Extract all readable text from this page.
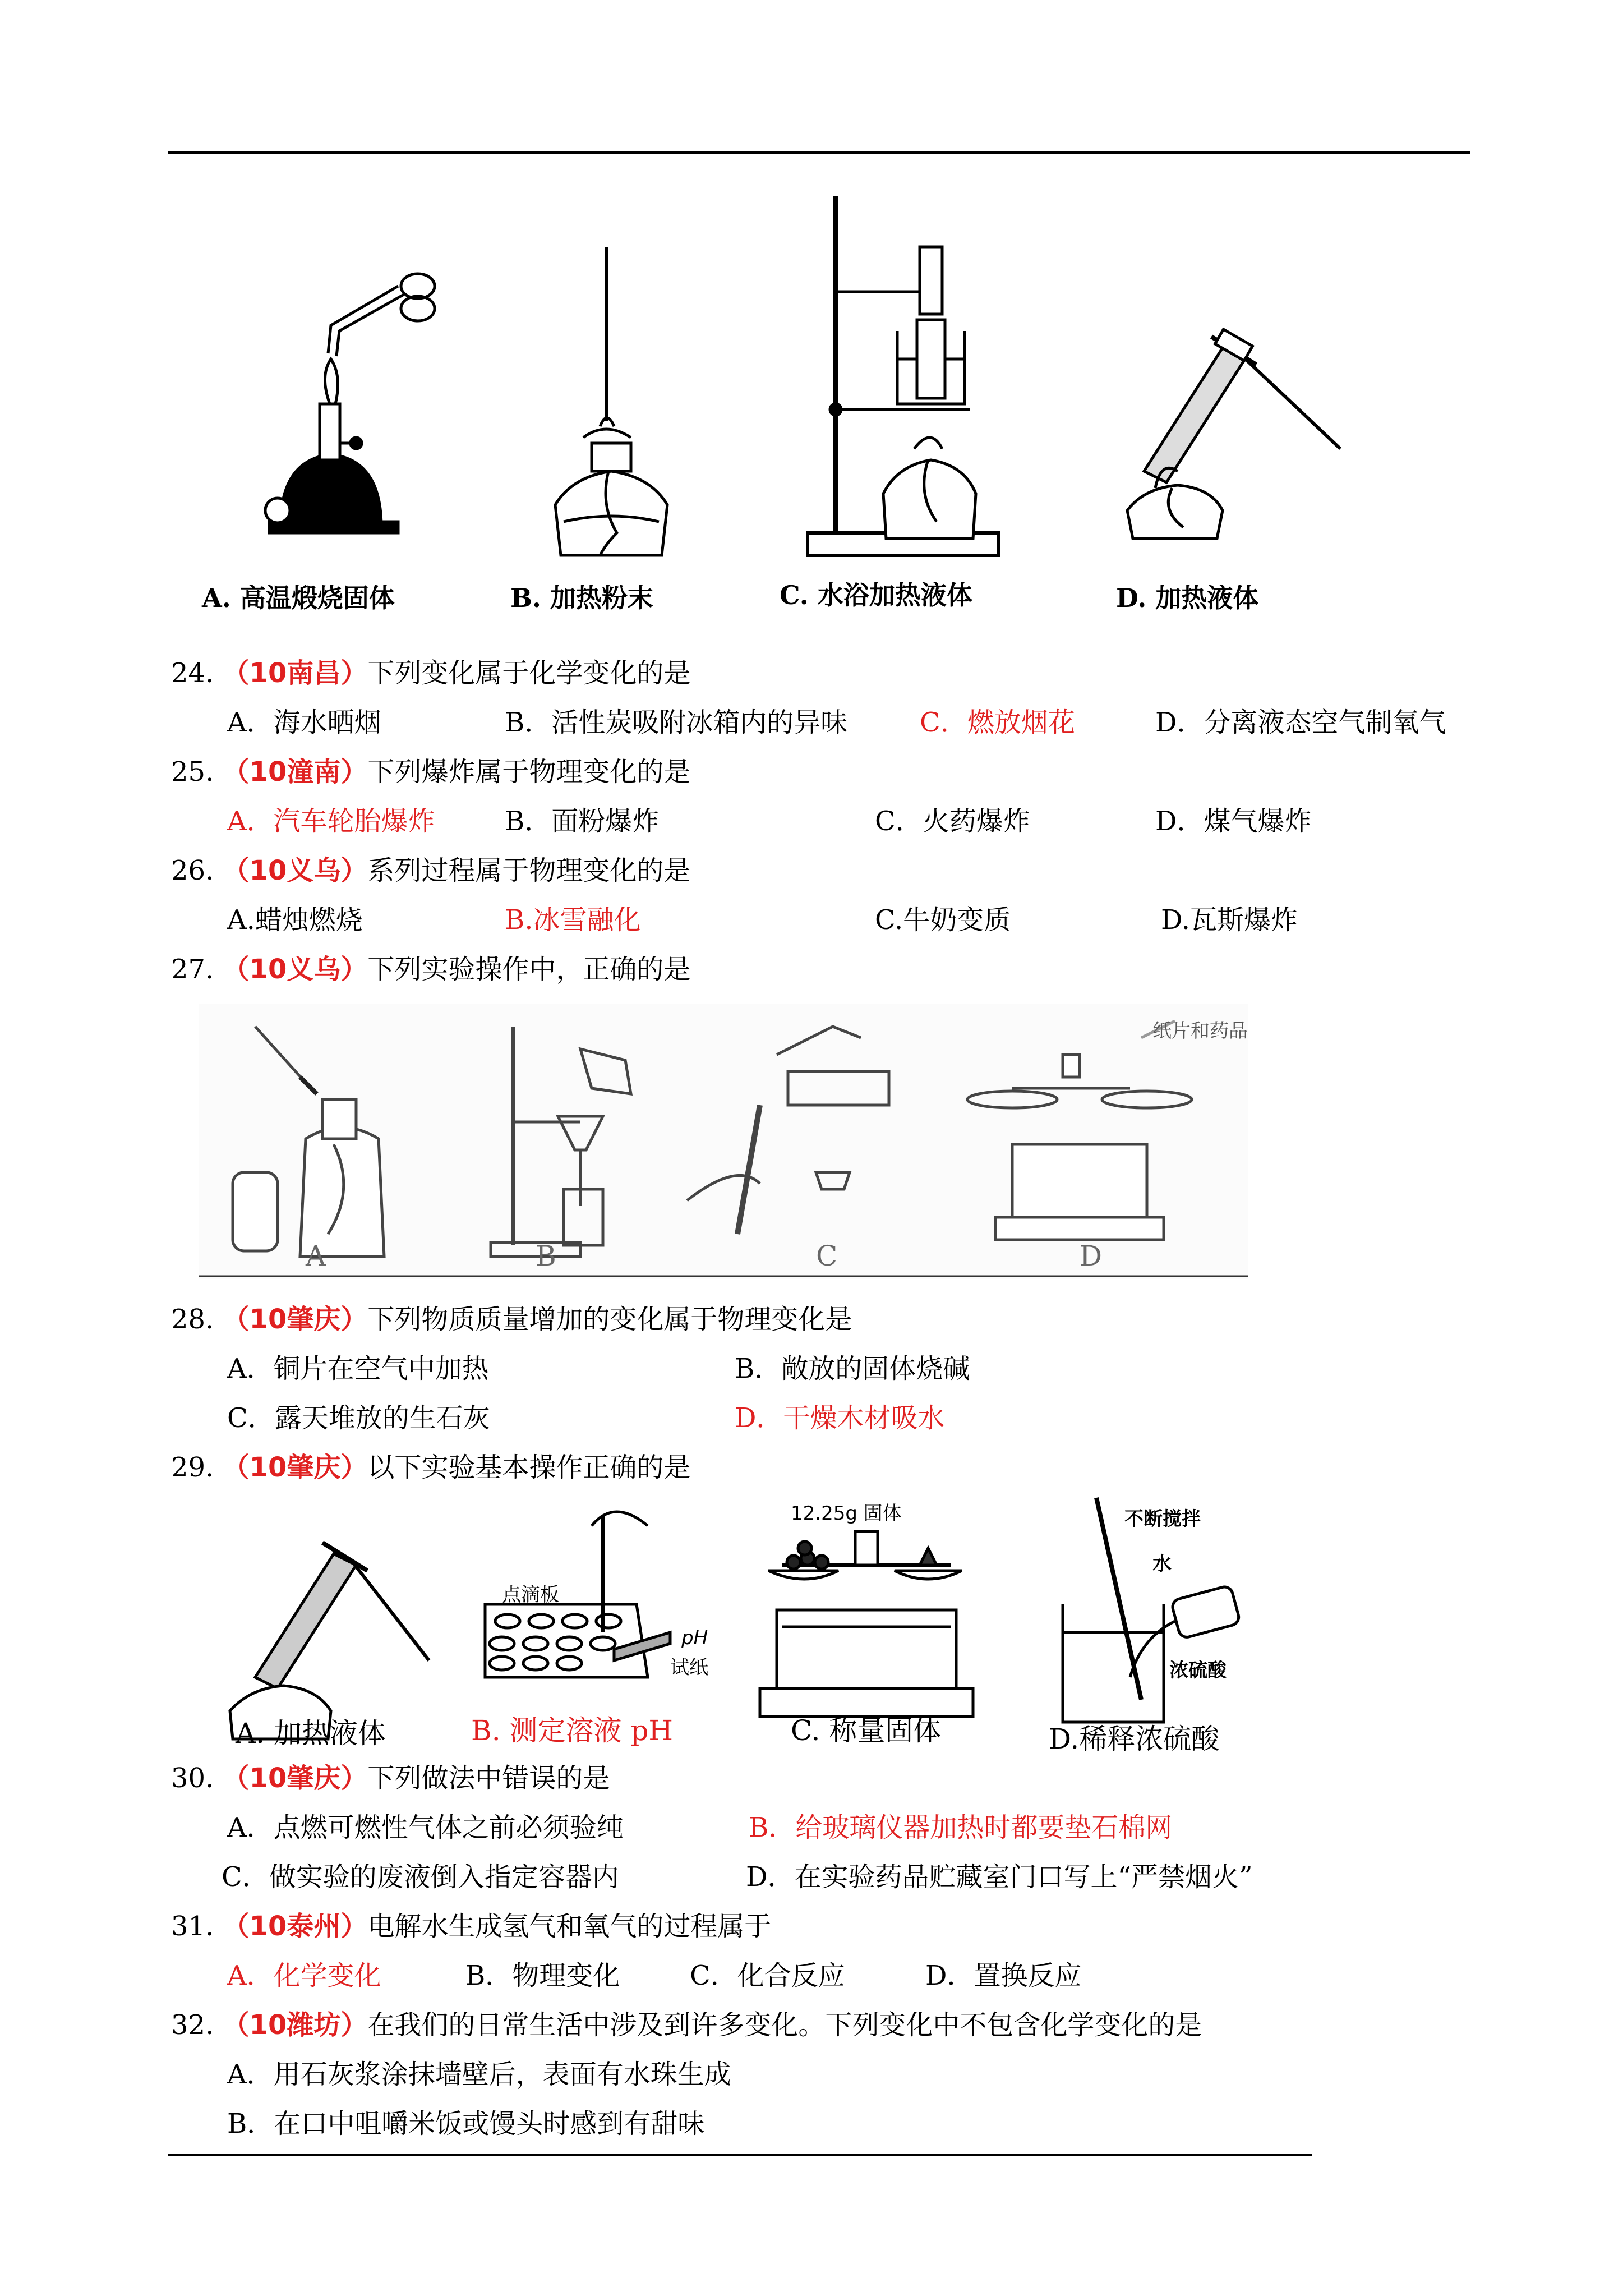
A. 高温煅烧固体	B. 加热粉末	C. 水浴加热液体	D. 加热液体
24. （10南昌）下列变化属于化学变化的是
A．海水晒烟	B．活性炭吸附冰箱内的异味	C．燃放烟花	D．分离液态空气制氧气
25. （10潼南）下列爆炸属于物理变化的是
A．汽车轮胎爆炸	B．面粉爆炸	C．火药爆炸	D．煤气爆炸
26. （10义乌）系列过程属于物理变化的是
A.蜡烛燃烧	B.冰雪融化	C.牛奶变质	D.瓦斯爆炸
27. （10义乌）下列实验操作中，正确的是
纸片和药品
A	B	C	D
28. （10肇庆）下列物质质量增加的变化属于物理变化是
A．铜片在空气中加热	B．敞放的固体烧碱
C．露天堆放的生石灰	D．干燥木材吸水
29. （10肇庆）以下实验基本操作正确的是
点滴板
pH
试纸
12.25g 固体	不断搅拌
水
浓硫酸
A. 加热液体	B. 测定溶液 pH	C. 称量固体	D.稀释浓硫酸
30. （10肇庆）下列做法中错误的是
A．点燃可燃性气体之前必须验纯	B．给玻璃仪器加热时都要垫石棉网
C．做实验的废液倒入指定容器内	D．在实验药品贮藏室门口写上“严禁烟火”
31. （10泰州）电解水生成氢气和氧气的过程属于
A．化学变化	B．物理变化	C．化合反应	D．置换反应
32. （10潍坊）在我们的日常生活中涉及到许多变化。下列变化中不包含化学变化的是
A．用石灰浆涂抹墙壁后，表面有水珠生成
B．在口中咀嚼米饭或馒头时感到有甜味
